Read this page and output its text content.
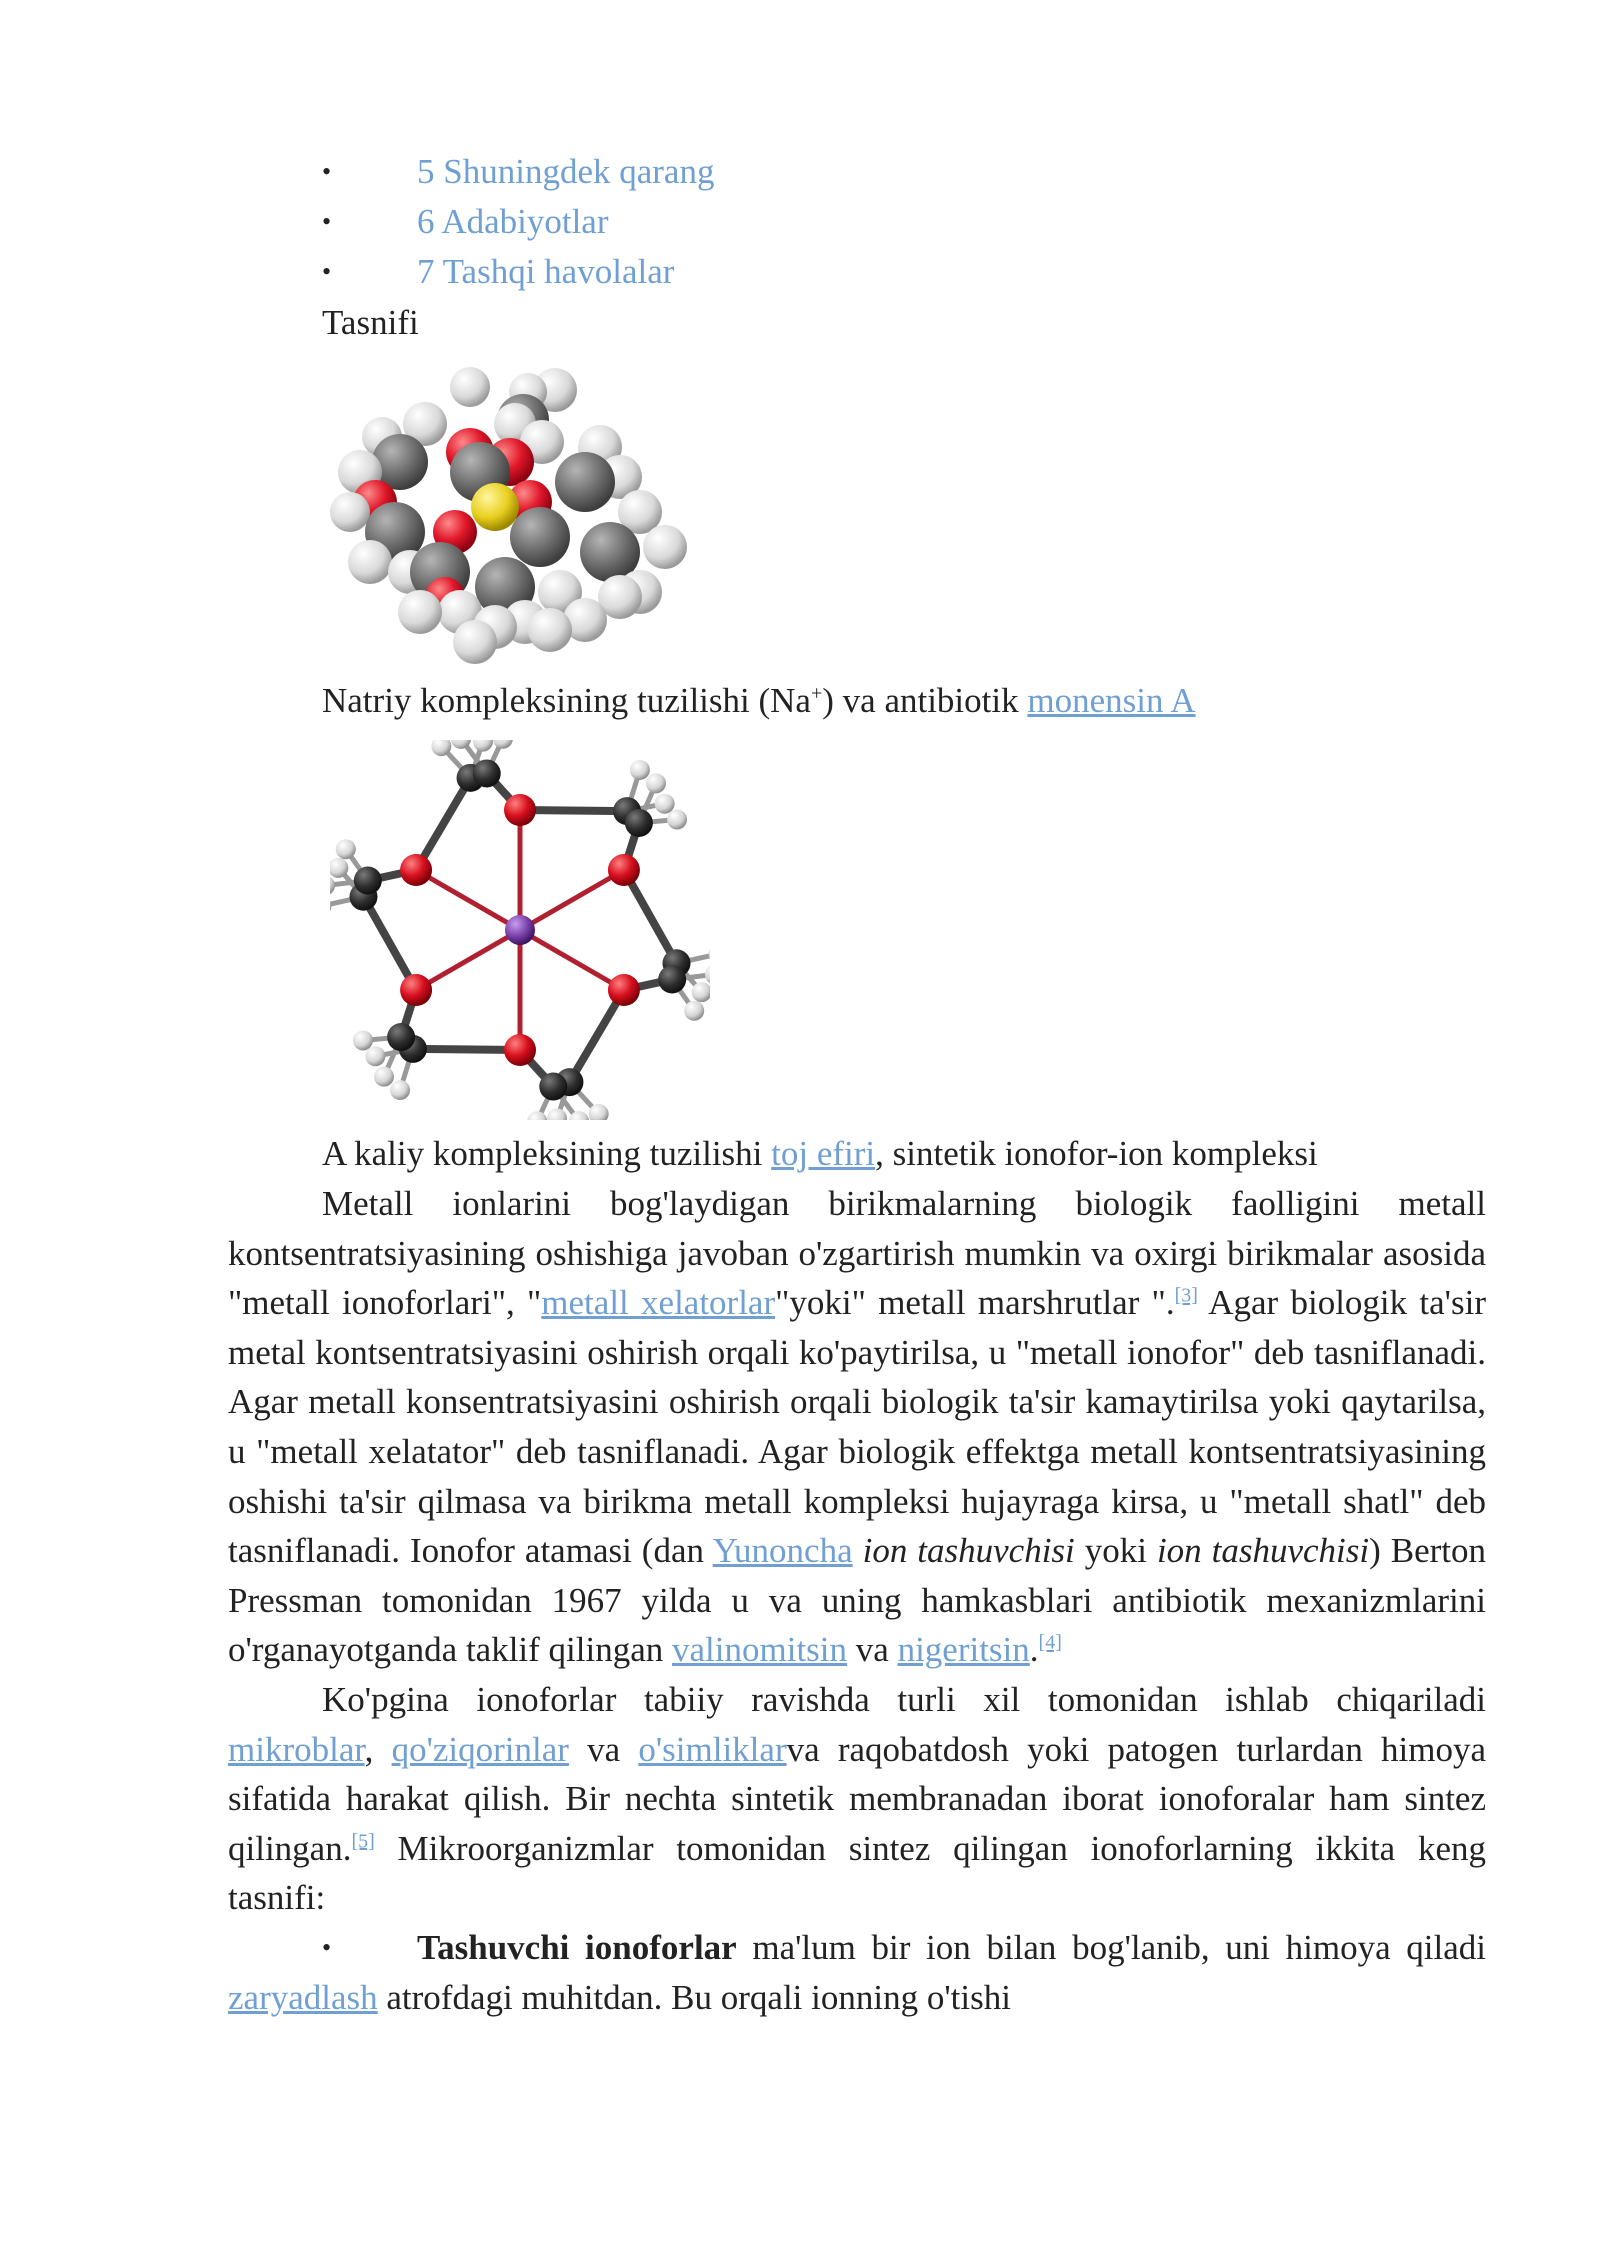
• 5 Shuningdek qarang
• 6 Adabiyotlar
• 7 Tashqi havolalar
Tasnifi
Natriy kompleksining tuzilishi (Na+) va antibiotik monensin A
A kaliy kompleksining tuzilishi toj efiri, sintetik ionofor-ion kompleksi

Metall ionlarini bog'laydigan birikmalarning biologik faolligini metall kontsentratsiyasining oshishiga javoban o'zgartirish mumkin va oxirgi birikmalar asosida "metall ionoforlari", "metall xelatorlar"yoki" metall marshrutlar ".[3] Agar biologik ta'sir metal kontsentratsiyasini oshirish orqali ko'paytirilsa, u "metall ionofor" deb tasniflanadi. Agar metall konsentratsiyasini oshirish orqali biologik ta'sir kamaytirilsa yoki qaytarilsa, u "metall xelatator" deb tasniflanadi. Agar biologik effektga metall kontsentratsiyasining oshishi ta'sir qilmasa va birikma metall kompleksi hujayraga kirsa, u "metall shatl" deb tasniflanadi. Ionofor atamasi (dan Yunoncha ion tashuvchisi yoki ion tashuvchisi) Berton Pressman tomonidan 1967 yilda u va uning hamkasblari antibiotik mexanizmlarini o'rganayotganda taklif qilingan valinomitsin va nigeritsin.[4]

Ko'pgina ionoforlar tabiiy ravishda turli xil tomonidan ishlab chiqariladi mikroblar, qo'ziqorinlar va o'simliklarva raqobatdosh yoki patogen turlardan himoya sifatida harakat qilish. Bir nechta sintetik membranadan iborat ionoforalar ham sintez qilingan.[5] Mikroorganizmlar tomonidan sintez qilingan ionoforlarning ikkita keng tasnifi:

• Tashuvchi ionoforlar ma'lum bir ion bilan bog'lanib, uni himoya qiladi zaryadlash atrofdagi muhitdan. Bu orqali ionning o'tishi
